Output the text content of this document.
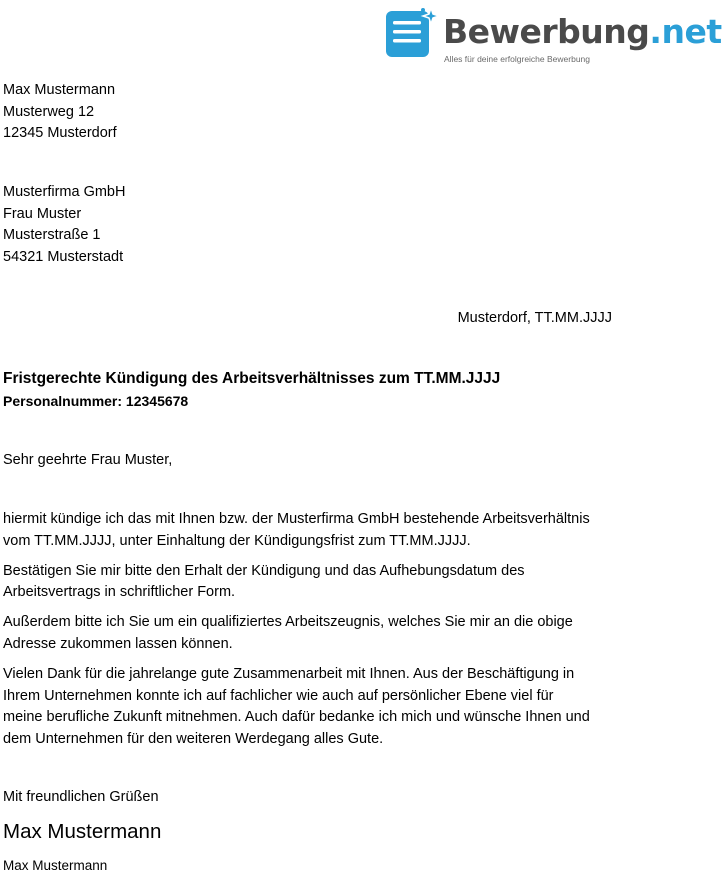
Bewerbung.net
Alles für deine erfolgreiche Bewerbung

Max Mustermann

Musterweg 12

12345 Musterdorf

Musterfirma GmbH

Frau Muster

Musterstraße 1

54321 Musterstadt

Musterdorf, TT.MM.JJJJ
Fristgerechte Kündigung des Arbeitsverhältnisses zum TT.MM.JJJJ
Personalnummer: 12345678
Sehr geehrte Frau Muster,

hiermit kündige ich das mit Ihnen bzw. der Musterfirma GmbH bestehende Arbeitsverhältnis
vom TT.MM.JJJJ, unter Einhaltung der Kündigungsfrist zum TT.MM.JJJJ.

Bestätigen Sie mir bitte den Erhalt der Kündigung und das Aufhebungsdatum des
Arbeitsvertrags in schriftlicher Form.

Außerdem bitte ich Sie um ein qualifiziertes Arbeitszeugnis, welches Sie mir an die obige
Adresse zukommen lassen können.

Vielen Dank für die jahrelange gute Zusammenarbeit mit Ihnen. Aus der Beschäftigung in
Ihrem Unternehmen konnte ich auf fachlicher wie auch auf persönlicher Ebene viel für
meine berufliche Zukunft mitnehmen. Auch dafür bedanke ich mich und wünsche Ihnen und
dem Unternehmen für den weiteren Werdegang alles Gute.

Mit freundlichen Grüßen
Max Mustermann
Max Mustermann
